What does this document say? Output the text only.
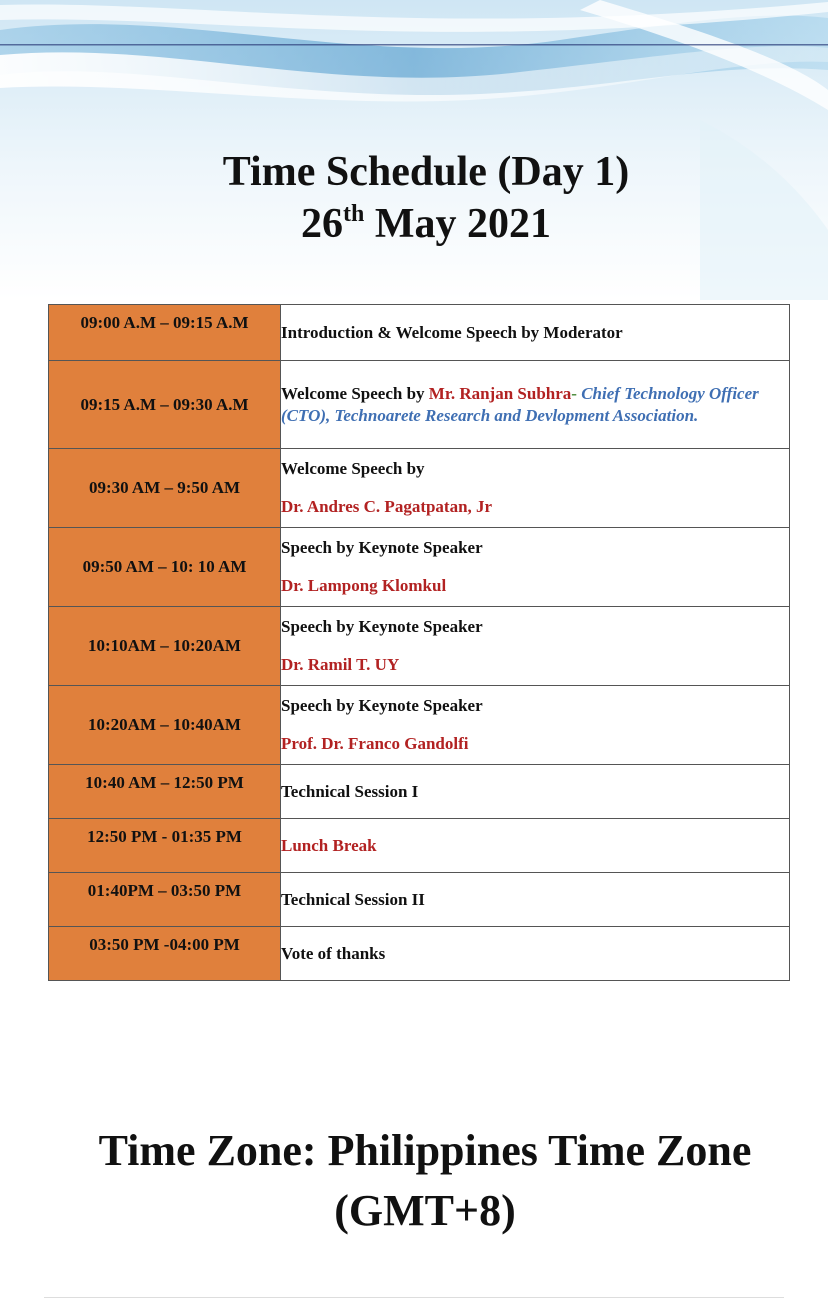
Time Schedule (Day 1)
26th May 2021
09:00 A.M – 09:15 A.M	Introduction & Welcome Speech by Moderator
09:15 A.M – 09:30 A.M	Welcome Speech by Mr. Ranjan Subhra- Chief Technology Officer (CTO), Technoarete Research and Devlopment Association.
09:30 AM – 9:50 AM	Welcome Speech by
Dr. Andres C. Pagatpatan, Jr

09:50 AM – 10: 10 AM	Speech by Keynote Speaker
Dr. Lampong Klomkul

10:10AM – 10:20AM	Speech by Keynote Speaker
Dr. Ramil T. UY

10:20AM – 10:40AM	Speech by Keynote Speaker
Prof. Dr. Franco Gandolfi

10:40 AM – 12:50 PM	Technical Session I
12:50 PM - 01:35 PM	Lunch Break
01:40PM – 03:50 PM	Technical Session II
03:50 PM -04:00 PM	Vote of thanks
Time Zone: Philippines Time Zone
(GMT+8)
